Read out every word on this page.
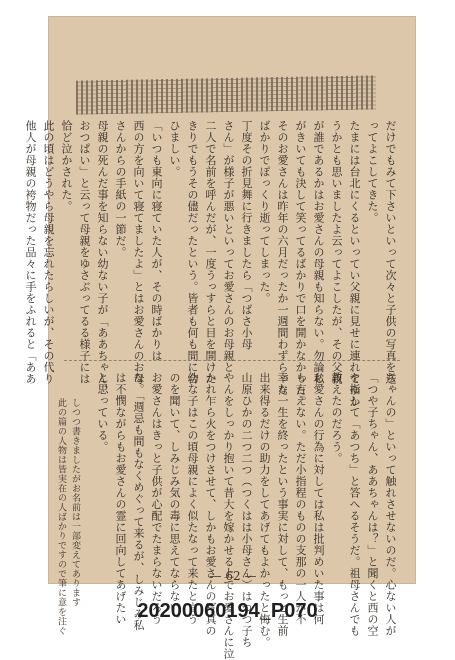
だけでもみて下さいといって次々と子供の写真を送
ってよこしてきた。
たまには台北にくるといってい父親に見せに連れてゆか
うかとも思いましたよ云ってよこしたが、その父親
が誰であるかはお愛さんの母親も知らない。勿論私
がきいても決して笑ってるばかりで口を開かなかった。
そのお愛さんは昨年の六月だったか一週間わずらった
ばかりでぽっくり逝ってしまった。
丁度その折見舞に行きましたら「つばさ小母
さん」が様子が悪いといってお愛さんのお母親と
二人で名前を呼んだが、一度うっすらと目を開けた
きりでもうその儘だったという。皆者も何も間に合
ひましい。
「いつも東向に寝ていた人が、その時ばかりは
西の方を向いて寝てましたよ」とはお愛さんのお母
さんからの手紙の一節だ。
母親の死んだ事を知らない幼ない子が「ああちゃん、
おつぱい」と云って母親をゆさぶってるる様子には
恰ど泣かされた。
此の頃はどうやら母親を忘れたらしいが、その代り
他人が母親の袴物だった品々に手をふれると「ああ
ちゃんの」といって触れさせないのだ。心ない人が
「つや子ちゃん、ああちゃんは？」と聞くと西の空
を指して「あつち」と答へるそうだ。祖母さんでも
教えたのだろう。
お愛さんの行為に対しては私は批判めいた事は何
も言えない。ただ小指程のものの支那の一人が不
幸な一生を終ったという事実に対して、もっと生前
出来得るだけの助力をしてあげてもよかったと悔む。
山原ひかの二つ二つ（つくはは小母さん）はつつ子ち
やんをしっかり抱いて昔大を嫁かせる上でお愛さんに泣
かれ乍ら火をつけさせて、しかもお愛さんの写真の
幼な子はこの頃母親によく似たなって来たと言う
のを聞いて、しみじみ気の毒に思えてならない。
お愛さんはきっと子供が心配でたまらないだろう
な。「週忌も間もなくめぐって来るが、しみじみ私
は不憫ながらもお愛さんの霊に回向してあげたい
と思っている。
此の篇の人物は皆実在の人ばかりですので筆に意を注ぐ しつつ書きましたがお名前は一部変えてあります	— 62 —
20200060194_P070
